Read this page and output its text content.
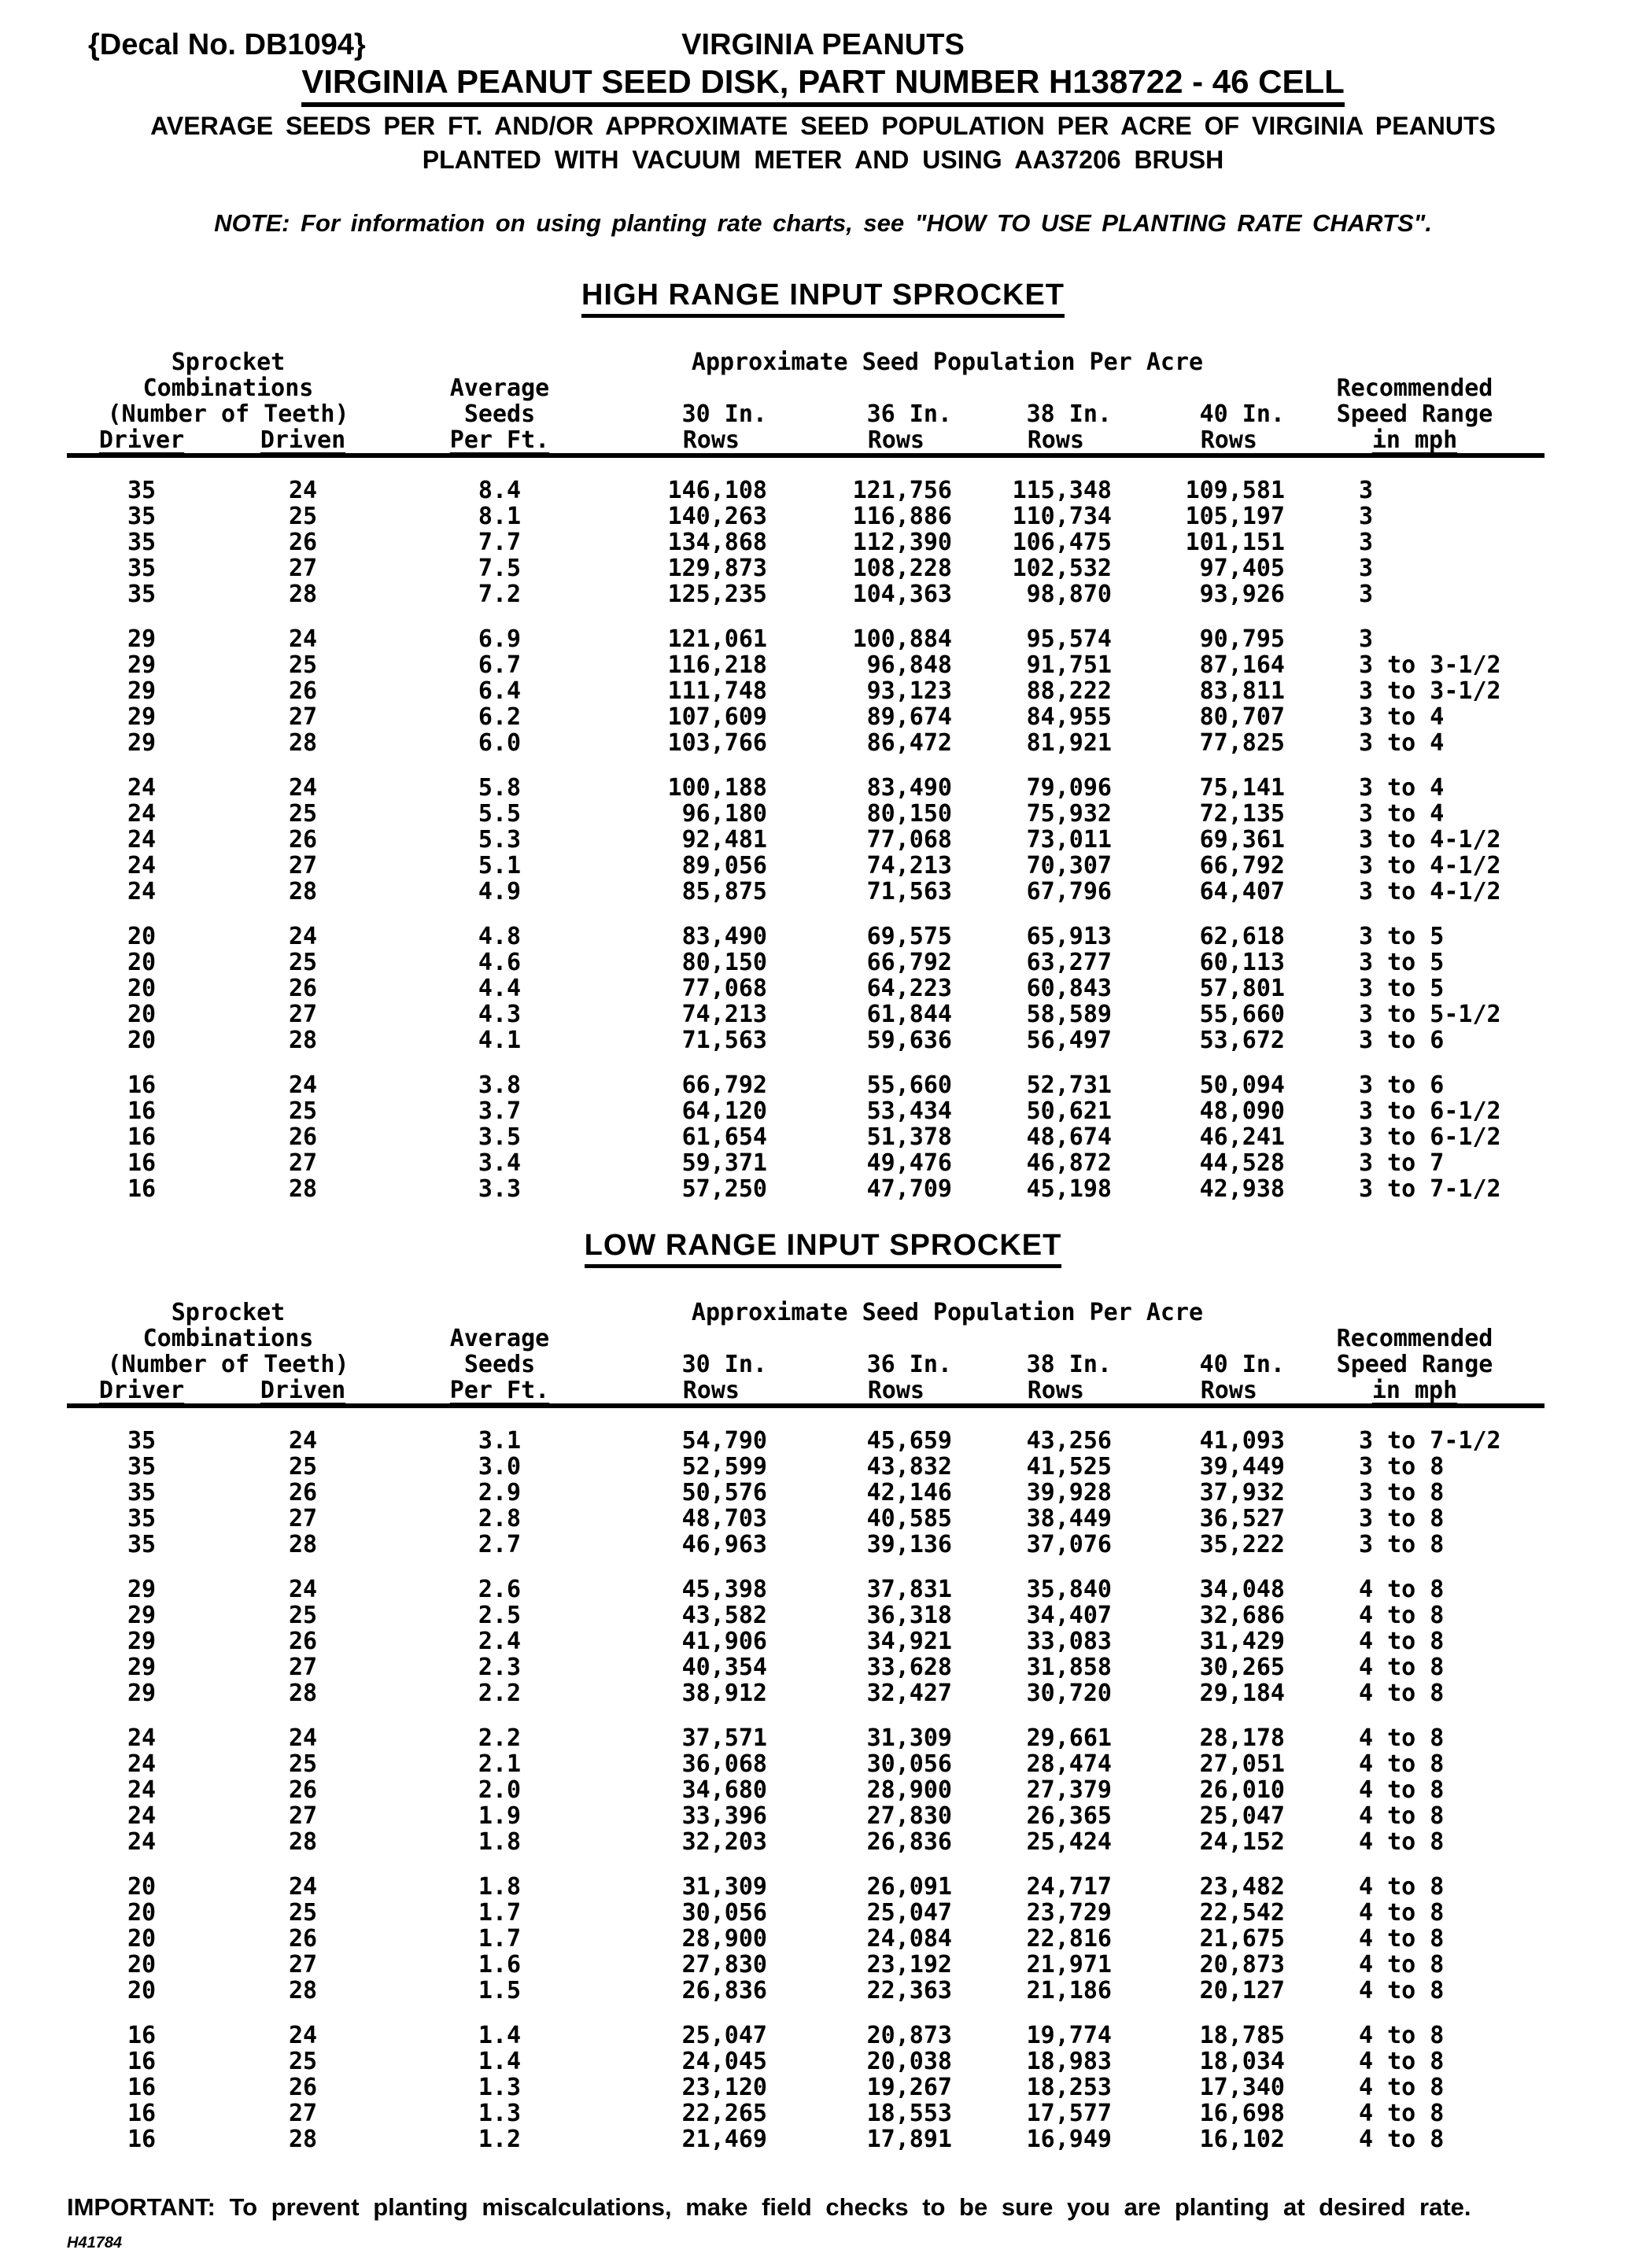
{Decal No. DB1094}	VIRGINIA PEANUTS
VIRGINIA PEANUT SEED DISK, PART NUMBER H138722 - 46 CELL
AVERAGE SEEDS PER FT. AND/OR APPROXIMATE SEED POPULATION PER ACRE OF VIRGINIA PEANUTS
PLANTED WITH VACUUM METER AND USING AA37206 BRUSH
NOTE: For information on using planting rate charts, see "HOW TO USE PLANTING RATE CHARTS".
HIGH RANGE INPUT SPROCKET
Sprocket			Approximate Seed Population Per Acre				
Combinations		Average					Recommended
(Number of Teeth)		Seeds	30 In.	36 In.	38 In.	40 In.	Speed Range
Driver	Driven	Per Ft.	Rows	Rows	Rows	Rows	in mph

35	24	8.4	146,108	121,756	115,348	109,581	3
35	25	8.1	140,263	116,886	110,734	105,197	3
35	26	7.7	134,868	112,390	106,475	101,151	3
35	27	7.5	129,873	108,228	102,532	97,405	3
35	28	7.2	125,235	104,363	98,870	93,926	3

29	24	6.9	121,061	100,884	95,574	90,795	3
29	25	6.7	116,218	96,848	91,751	87,164	3 to 3-1/2
29	26	6.4	111,748	93,123	88,222	83,811	3 to 3-1/2
29	27	6.2	107,609	89,674	84,955	80,707	3 to 4
29	28	6.0	103,766	86,472	81,921	77,825	3 to 4

24	24	5.8	100,188	83,490	79,096	75,141	3 to 4
24	25	5.5	96,180	80,150	75,932	72,135	3 to 4
24	26	5.3	92,481	77,068	73,011	69,361	3 to 4-1/2
24	27	5.1	89,056	74,213	70,307	66,792	3 to 4-1/2
24	28	4.9	85,875	71,563	67,796	64,407	3 to 4-1/2

20	24	4.8	83,490	69,575	65,913	62,618	3 to 5
20	25	4.6	80,150	66,792	63,277	60,113	3 to 5
20	26	4.4	77,068	64,223	60,843	57,801	3 to 5
20	27	4.3	74,213	61,844	58,589	55,660	3 to 5-1/2
20	28	4.1	71,563	59,636	56,497	53,672	3 to 6

16	24	3.8	66,792	55,660	52,731	50,094	3 to 6
16	25	3.7	64,120	53,434	50,621	48,090	3 to 6-1/2
16	26	3.5	61,654	51,378	48,674	46,241	3 to 6-1/2
16	27	3.4	59,371	49,476	46,872	44,528	3 to 7
16	28	3.3	57,250	47,709	45,198	42,938	3 to 7-1/2
LOW RANGE INPUT SPROCKET
Sprocket			Approximate Seed Population Per Acre				
Combinations		Average					Recommended
(Number of Teeth)		Seeds	30 In.	36 In.	38 In.	40 In.	Speed Range
Driver	Driven	Per Ft.	Rows	Rows	Rows	Rows	in mph

35	24	3.1	54,790	45,659	43,256	41,093	3 to 7-1/2
35	25	3.0	52,599	43,832	41,525	39,449	3 to 8
35	26	2.9	50,576	42,146	39,928	37,932	3 to 8
35	27	2.8	48,703	40,585	38,449	36,527	3 to 8
35	28	2.7	46,963	39,136	37,076	35,222	3 to 8

29	24	2.6	45,398	37,831	35,840	34,048	4 to 8
29	25	2.5	43,582	36,318	34,407	32,686	4 to 8
29	26	2.4	41,906	34,921	33,083	31,429	4 to 8
29	27	2.3	40,354	33,628	31,858	30,265	4 to 8
29	28	2.2	38,912	32,427	30,720	29,184	4 to 8

24	24	2.2	37,571	31,309	29,661	28,178	4 to 8
24	25	2.1	36,068	30,056	28,474	27,051	4 to 8
24	26	2.0	34,680	28,900	27,379	26,010	4 to 8
24	27	1.9	33,396	27,830	26,365	25,047	4 to 8
24	28	1.8	32,203	26,836	25,424	24,152	4 to 8

20	24	1.8	31,309	26,091	24,717	23,482	4 to 8
20	25	1.7	30,056	25,047	23,729	22,542	4 to 8
20	26	1.7	28,900	24,084	22,816	21,675	4 to 8
20	27	1.6	27,830	23,192	21,971	20,873	4 to 8
20	28	1.5	26,836	22,363	21,186	20,127	4 to 8

16	24	1.4	25,047	20,873	19,774	18,785	4 to 8
16	25	1.4	24,045	20,038	18,983	18,034	4 to 8
16	26	1.3	23,120	19,267	18,253	17,340	4 to 8
16	27	1.3	22,265	18,553	17,577	16,698	4 to 8
16	28	1.2	21,469	17,891	16,949	16,102	4 to 8
IMPORTANT: To prevent planting miscalculations, make field checks to be sure you are planting at desired rate.
H41784
